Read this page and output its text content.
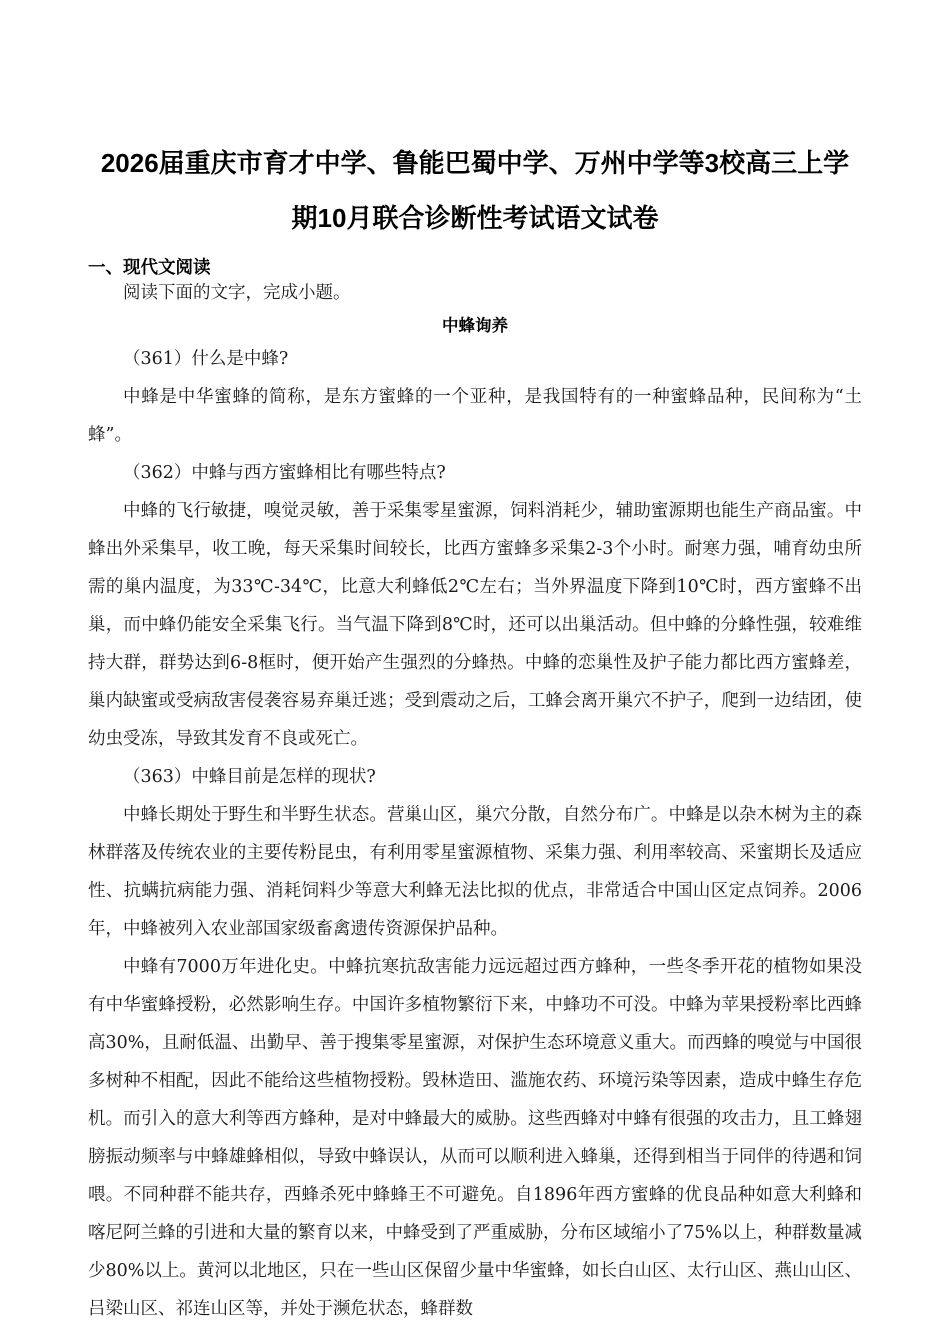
2026届重庆市育才中学、鲁能巴蜀中学、万州中学等3校高三上学期10月联合诊断性考试语文试卷
一、现代文阅读
阅读下面的文字，完成小题。
中蜂询养

（361）什么是中蜂?

中蜂是中华蜜蜂的简称，是东方蜜蜂的一个亚种，是我国特有的一种蜜蜂品种，民间称为“土蜂”。

（362）中蜂与西方蜜蜂相比有哪些特点?

中蜂的飞行敏捷，嗅觉灵敏，善于采集零星蜜源，饲料消耗少，辅助蜜源期也能生产商品蜜。中蜂出外采集早，收工晚，每天采集时间较长，比西方蜜蜂多采集2-3个小时。耐寒力强，哺育幼虫所需的巢内温度，为33℃-34℃，比意大利蜂低2℃左右；当外界温度下降到10℃时，西方蜜蜂不出巢，而中蜂仍能安全采集飞行。当气温下降到8℃时，还可以出巢活动。但中蜂的分蜂性强，较难维持大群，群势达到6-8框时，便开始产生强烈的分蜂热。中蜂的恋巢性及护子能力都比西方蜜蜂差，巢内缺蜜或受病敌害侵袭容易弃巢迁逃；受到震动之后，工蜂会离开巢穴不护子，爬到一边结团，使幼虫受冻，导致其发育不良或死亡。

（363）中蜂目前是怎样的现状?

中蜂长期处于野生和半野生状态。营巢山区，巢穴分散，自然分布广。中蜂是以杂木树为主的森林群落及传统农业的主要传粉昆虫，有利用零星蜜源植物、采集力强、利用率较高、采蜜期长及适应性、抗螨抗病能力强、消耗饲料少等意大利蜂无法比拟的优点，非常适合中国山区定点饲养。2006年，中蜂被列入农业部国家级畜禽遗传资源保护品种。

中蜂有7000万年进化史。中蜂抗寒抗敌害能力远远超过西方蜂种，一些冬季开花的植物如果没有中华蜜蜂授粉，必然影响生存。中国许多植物繁衍下来，中蜂功不可没。中蜂为苹果授粉率比西蜂高30%，且耐低温、出勤早、善于搜集零星蜜源，对保护生态环境意义重大。而西蜂的嗅觉与中国很多树种不相配，因此不能给这些植物授粉。毁林造田、滥施农药、环境污染等因素，造成中蜂生存危机。而引入的意大利等西方蜂种，是对中蜂最大的威胁。这些西蜂对中蜂有很强的攻击力，且工蜂翅膀振动频率与中蜂雄蜂相似，导致中蜂误认，从而可以顺利进入蜂巢，还得到相当于同伴的待遇和饲喂。不同种群不能共存，西蜂杀死中蜂蜂王不可避免。自1896年西方蜜蜂的优良品种如意大利蜂和喀尼阿兰蜂的引进和大量的繁育以来，中蜂受到了严重威胁，分布区域缩小了75%以上，种群数量减少80%以上。黄河以北地区，只在一些山区保留少量中华蜜蜂，如长白山区、太行山区、燕山山区、吕梁山区、祁连山区等，并处于濒危状态，蜂群数
